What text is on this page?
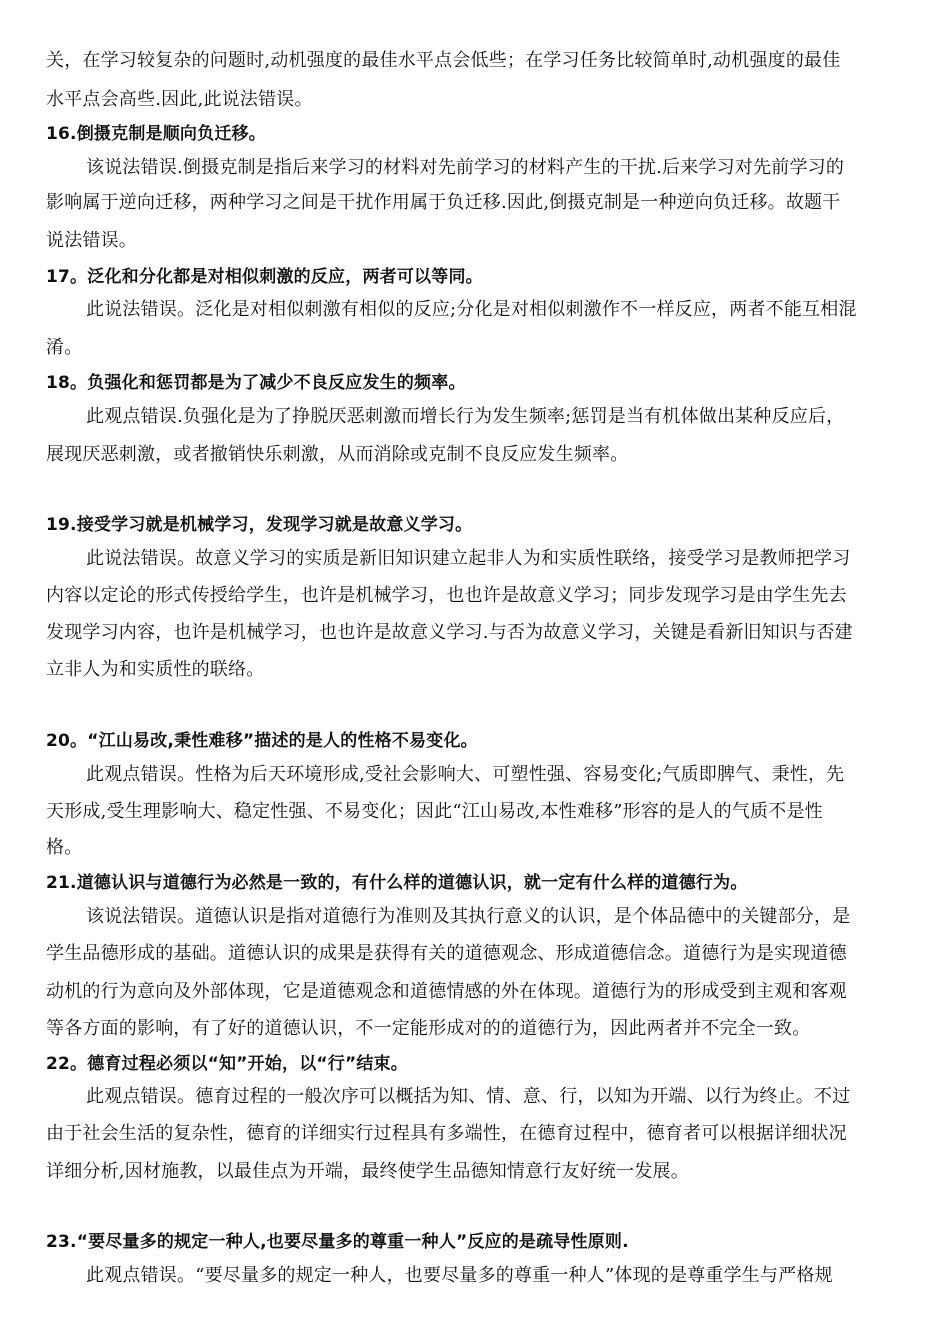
关，在学习较复杂的问题时,动机强度的最佳水平点会低些；在学习任务比较简单时,动机强度的最佳
水平点会高些.因此,此说法错误。
16.倒摄克制是顺向负迁移。
该说法错误.倒摄克制是指后来学习的材料对先前学习的材料产生的干扰.后来学习对先前学习的
影响属于逆向迁移，两种学习之间是干扰作用属于负迁移.因此,倒摄克制是一种逆向负迁移。故题干
说法错误。
17。泛化和分化都是对相似刺激的反应，两者可以等同。
此说法错误。泛化是对相似刺激有相似的反应;分化是对相似刺激作不一样反应，两者不能互相混
淆。
18。负强化和惩罚都是为了减少不良反应发生的频率。
此观点错误.负强化是为了挣脱厌恶刺激而增长行为发生频率;惩罚是当有机体做出某种反应后，
展现厌恶刺激，或者撤销快乐刺激，从而消除或克制不良反应发生频率。
19.接受学习就是机械学习，发现学习就是故意义学习。
此说法错误。故意义学习的实质是新旧知识建立起非人为和实质性联络，接受学习是教师把学习
内容以定论的形式传授给学生，也许是机械学习，也也许是故意义学习；同步发现学习是由学生先去
发现学习内容，也许是机械学习，也也许是故意义学习.与否为故意义学习，关键是看新旧知识与否建
立非人为和实质性的联络。
20。“江山易改,秉性难移”描述的是人的性格不易变化。
此观点错误。性格为后天环境形成,受社会影响大、可塑性强、容易变化;气质即脾气、秉性，先
天形成,受生理影响大、稳定性强、不易变化；因此“江山易改,本性难移”形容的是人的气质不是性
格。
21.道德认识与道德行为必然是一致的，有什么样的道德认识，就一定有什么样的道德行为。
该说法错误。道德认识是指对道德行为准则及其执行意义的认识，是个体品德中的关键部分，是
学生品德形成的基础。道德认识的成果是获得有关的道德观念、形成道德信念。道德行为是实现道德
动机的行为意向及外部体现，它是道德观念和道德情感的外在体现。道德行为的形成受到主观和客观
等各方面的影响，有了好的道德认识，不一定能形成对的的道德行为，因此两者并不完全一致。
22。德育过程必须以“知”开始，以“行”结束。
此观点错误。德育过程的一般次序可以概括为知、情、意、行，以知为开端、以行为终止。不过
由于社会生活的复杂性，德育的详细实行过程具有多端性，在德育过程中，德育者可以根据详细状况
详细分析,因材施教，以最佳点为开端，最终使学生品德知情意行友好统一发展。
23.“要尽量多的规定一种人,也要尽量多的尊重一种人”反应的是疏导性原则.
此观点错误。“要尽量多的规定一种人，也要尽量多的尊重一种人”体现的是尊重学生与严格规
